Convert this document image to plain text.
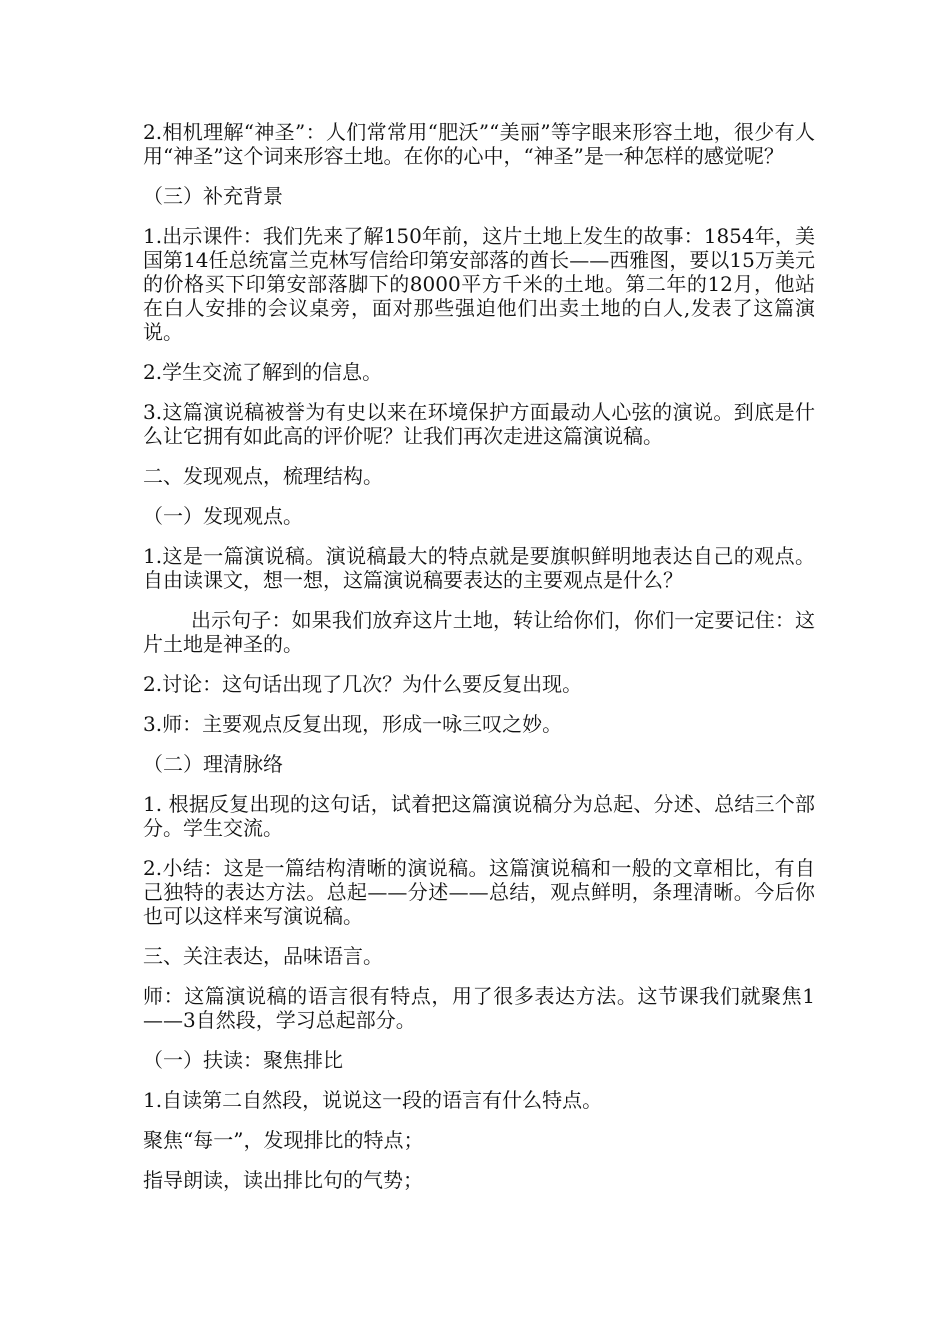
2.相机理解“神圣”：人们常常用“肥沃”“美丽”等字眼来形容土地，很少有人用“神圣”这个词来形容土地。在你的心中，“神圣”是一种怎样的感觉呢？

（三）补充背景

1.出示课件：我们先来了解150年前，这片土地上发生的故事：1854年，美国第14任总统富兰克林写信给印第安部落的酋长——西雅图，要以15万美元的价格买下印第安部落脚下的8000平方千米的土地。第二年的12月，他站在白人安排的会议桌旁，面对那些强迫他们出卖土地的白人,发表了这篇演说。

2.学生交流了解到的信息。

3.这篇演说稿被誉为有史以来在环境保护方面最动人心弦的演说。到底是什么让它拥有如此高的评价呢？让我们再次走进这篇演说稿。

二、发现观点，梳理结构。

（一）发现观点。

1.这是一篇演说稿。演说稿最大的特点就是要旗帜鲜明地表达自己的观点。自由读课文，想一想，这篇演说稿要表达的主要观点是什么？

出示句子：如果我们放弃这片土地，转让给你们，你们一定要记住：这片土地是神圣的。

2.讨论：这句话出现了几次？为什么要反复出现。

3.师：主要观点反复出现，形成一咏三叹之妙。

（二）理清脉络

1. 根据反复出现的这句话，试着把这篇演说稿分为总起、分述、总结三个部分。学生交流。

2.小结：这是一篇结构清晰的演说稿。这篇演说稿和一般的文章相比，有自己独特的表达方法。总起——分述——总结，观点鲜明，条理清晰。今后你也可以这样来写演说稿。

三、关注表达，品味语言。

师：这篇演说稿的语言很有特点，用了很多表达方法。这节课我们就聚焦1——3自然段，学习总起部分。

（一）扶读：聚焦排比

1.自读第二自然段，说说这一段的语言有什么特点。

聚焦“每一”，发现排比的特点；

指导朗读，读出排比句的气势；
